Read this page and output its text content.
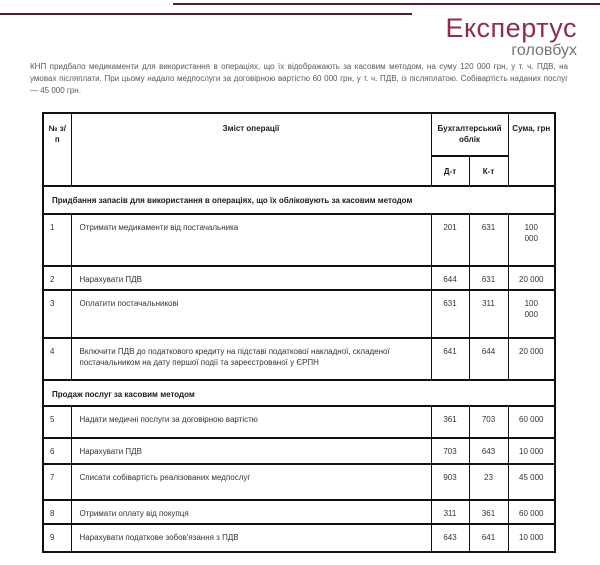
Експертус
головбух

КНП придбало медикаменти для використання в операціях, що їх відображають за касовим методом, на суму 120 000 грн, у т. ч. ПДВ, на умовах післяплати. При цьому надало медпослуги за договірною вартістю 60 000 грн, у т. ч. ПДВ, із післяплатою. Собівартість наданих послуг — 45 000 грн.

№ з/п	Зміст операції	Бухгалтерський облік		Сума, грн
		Д-т	К-т	
Придбання запасів для використання в операціях, що їх обліковують за касовим методом				
1	Отримати медикаменти від постачальника	201	631	100 000

2	Нарахувати ПДВ	644	631	20 000

3	Оплатити постачальникові	631	311	100 000

4	Включити ПДВ до податкового кредиту на підставі податкової накладної, складеної постачальником на дату першої події та зареєстрованої у ЄРПН	641	644	20 000

Продаж послуг за касовим методом				
5	Надати медичні послуги за договірною вартістю	361	703	60 000

6	Нарахувати ПДВ	703	643	10 000

7	Списати собівартість реалізованих медпослуг	903	23	45 000

8	Отримати оплату від покупця	311	361	60 000

9	Нарахувати податкове зобов'язання з ПДВ	643	641	10 000
